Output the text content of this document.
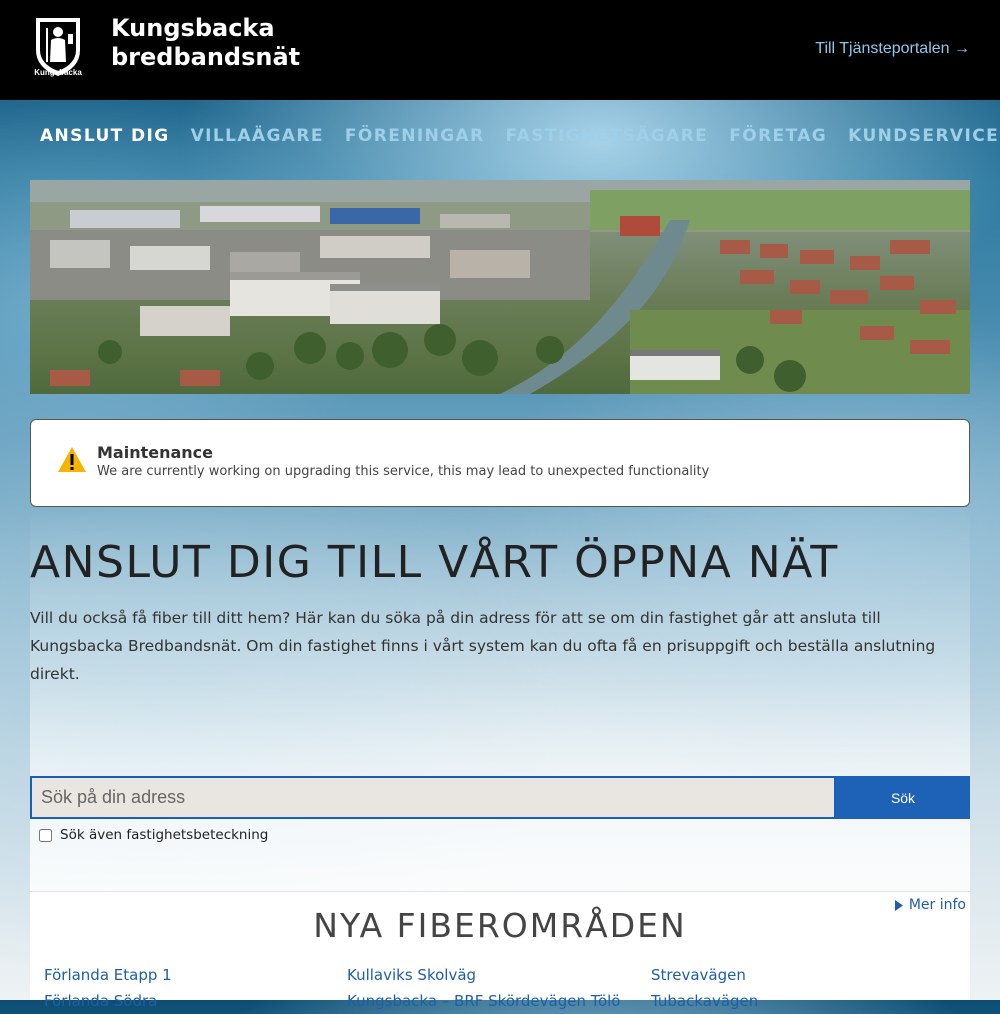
Kungsbacka
Kungsbacka
bredbandsnät	Till Tjänsteportalen →
ANSLUT DIG VILLAÄGARE FÖRENINGAR FASTIGHETSÄGARE FÖRETAG KUNDSERVICE
Maintenance
We are currently working on upgrading this service, this may lead to unexpected functionality
ANSLUT DIG TILL VÅRT ÖPPNA NÄT

Vill du också få fiber till ditt hem? Här kan du söka på din adress för att se om din fastighet går att ansluta till Kungsbacka Bredbandsnät. Om din fastighet finns i vårt system kan du ofta få en prisuppgift och beställa anslutning direkt.

Sök på din adress
Sök
Sök även fastighetsbeteckning
Mer info
NYA FIBEROMRÅDEN
Förlanda Etapp 1
Förlanda Södra
Kullaviks Skolväg
Kungsbacka – BRF Skördevägen Tölö
Strevavägen
Tubackavägen
